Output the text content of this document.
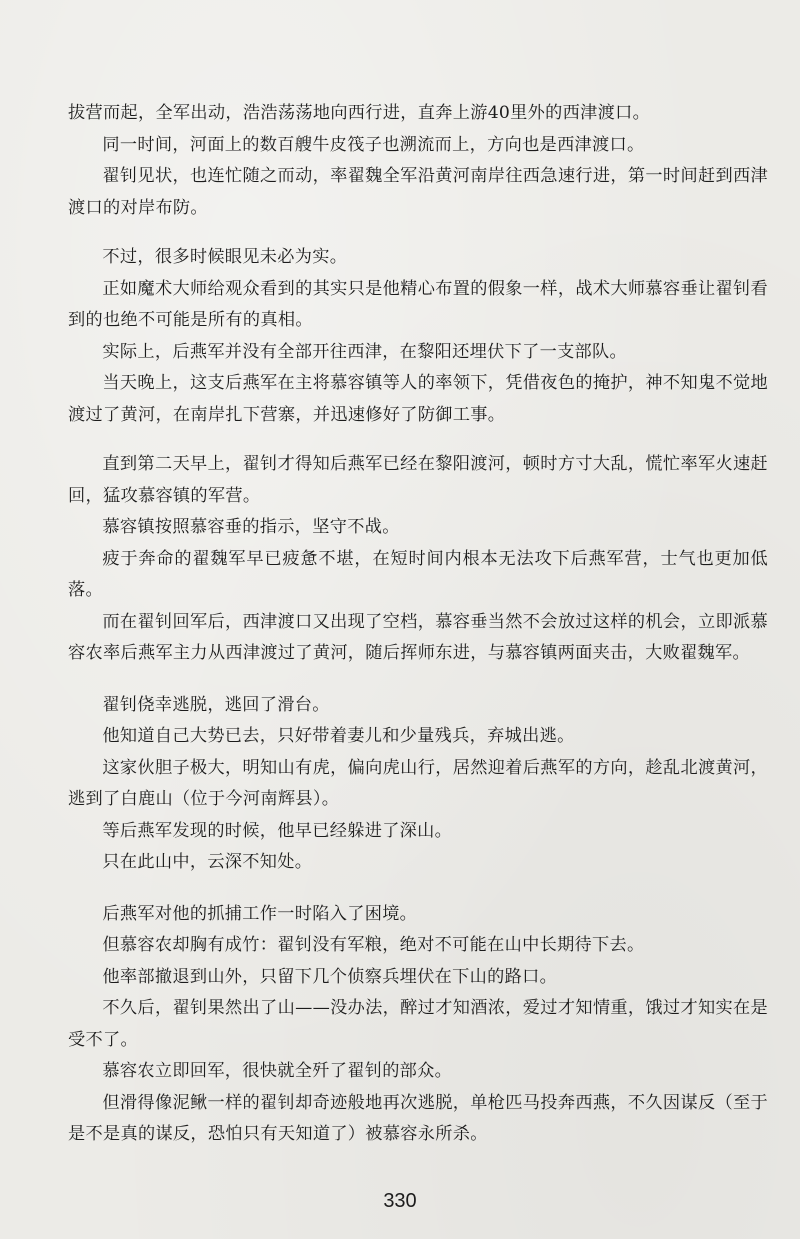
拔营而起，全军出动，浩浩荡荡地向西行进，直奔上游40里外的西津渡口。

同一时间，河面上的数百艘牛皮筏子也溯流而上，方向也是西津渡口。

翟钊见状，也连忙随之而动，率翟魏全军沿黄河南岸往西急速行进，第一时间赶到西津渡口的对岸布防。

不过，很多时候眼见未必为实。

正如魔术大师给观众看到的其实只是他精心布置的假象一样，战术大师慕容垂让翟钊看到的也绝不可能是所有的真相。

实际上，后燕军并没有全部开往西津，在黎阳还埋伏下了一支部队。

当天晚上，这支后燕军在主将慕容镇等人的率领下，凭借夜色的掩护，神不知鬼不觉地渡过了黄河，在南岸扎下营寨，并迅速修好了防御工事。

直到第二天早上，翟钊才得知后燕军已经在黎阳渡河，顿时方寸大乱，慌忙率军火速赶回，猛攻慕容镇的军营。

慕容镇按照慕容垂的指示，坚守不战。

疲于奔命的翟魏军早已疲惫不堪，在短时间内根本无法攻下后燕军营，士气也更加低落。

而在翟钊回军后，西津渡口又出现了空档，慕容垂当然不会放过这样的机会，立即派慕容农率后燕军主力从西津渡过了黄河，随后挥师东进，与慕容镇两面夹击，大败翟魏军。

翟钊侥幸逃脱，逃回了滑台。

他知道自己大势已去，只好带着妻儿和少量残兵，弃城出逃。

这家伙胆子极大，明知山有虎，偏向虎山行，居然迎着后燕军的方向，趁乱北渡黄河，逃到了白鹿山（位于今河南辉县）。

等后燕军发现的时候，他早已经躲进了深山。

只在此山中，云深不知处。

后燕军对他的抓捕工作一时陷入了困境。

但慕容农却胸有成竹：翟钊没有军粮，绝对不可能在山中长期待下去。

他率部撤退到山外，只留下几个侦察兵埋伏在下山的路口。

不久后，翟钊果然出了山——没办法，醉过才知酒浓，爱过才知情重，饿过才知实在是受不了。

慕容农立即回军，很快就全歼了翟钊的部众。

但滑得像泥鳅一样的翟钊却奇迹般地再次逃脱，单枪匹马投奔西燕，不久因谋反（至于是不是真的谋反，恐怕只有天知道了）被慕容永所杀。

330
